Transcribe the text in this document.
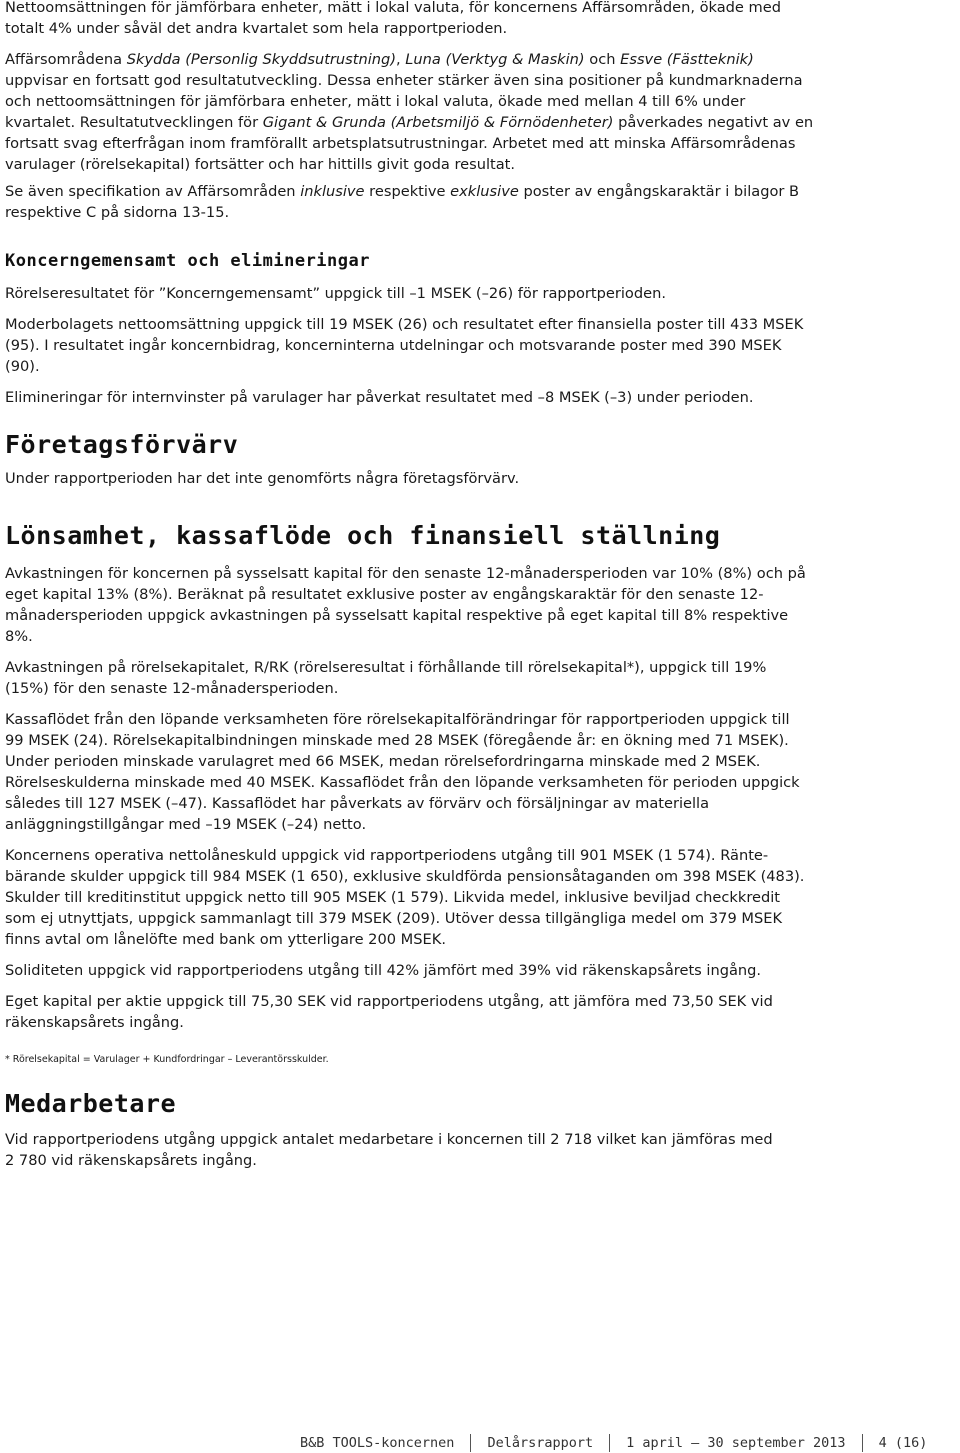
Nettoomsättningen för jämförbara enheter, mätt i lokal valuta, för koncernens Affärsområden, ökade med
totalt 4% under såväl det andra kvartalet som hela rapportperioden.

Affärsområdena Skydda (Personlig Skyddsutrustning), Luna (Verktyg & Maskin) och Essve (Fästteknik)
uppvisar en fortsatt god resultatutveckling. Dessa enheter stärker även sina positioner på kundmarknaderna
och nettoomsättningen för jämförbara enheter, mätt i lokal valuta, ökade med mellan 4 till 6% under
kvartalet. Resultatutvecklingen för Gigant & Grunda (Arbetsmiljö & Förnödenheter) påverkades negativt av en
fortsatt svag efterfrågan inom framförallt arbetsplatsutrustningar. Arbetet med att minska Affärsområdenas
varulager (rörelsekapital) fortsätter och har hittills givit goda resultat.

Se även specifikation av Affärsområden inklusive respektive exklusive poster av engångskaraktär i bilagor B
respektive C på sidorna 13-15.

Koncerngemensamt och elimineringar

Rörelseresultatet för ”Koncerngemensamt” uppgick till –1 MSEK (–26) för rapportperioden.

Moderbolagets nettoomsättning uppgick till 19 MSEK (26) och resultatet efter finansiella poster till 433 MSEK
(95). I resultatet ingår koncernbidrag, koncerninterna utdelningar och motsvarande poster med 390 MSEK
(90).

Elimineringar för internvinster på varulager har påverkat resultatet med –8 MSEK (–3) under perioden.

Företagsförvärv

Under rapportperioden har det inte genomförts några företagsförvärv.

Lönsamhet, kassaflöde och finansiell ställning

Avkastningen för koncernen på sysselsatt kapital för den senaste 12-månadersperioden var 10% (8%) och på
eget kapital 13% (8%). Beräknat på resultatet exklusive poster av engångskaraktär för den senaste 12-
månadersperioden uppgick avkastningen på sysselsatt kapital respektive på eget kapital till 8% respektive
8%.

Avkastningen på rörelsekapitalet, R/RK (rörelseresultat i förhållande till rörelsekapital*), uppgick till 19%
(15%) för den senaste 12-månadersperioden.

Kassaflödet från den löpande verksamheten före rörelsekapitalförändringar för rapportperioden uppgick till
99 MSEK (24). Rörelsekapitalbindningen minskade med 28 MSEK (föregående år: en ökning med 71 MSEK).
Under perioden minskade varulagret med 66 MSEK, medan rörelsefordringarna minskade med 2 MSEK.
Rörelseskulderna minskade med 40 MSEK. Kassaflödet från den löpande verksamheten för perioden uppgick
således till 127 MSEK (–47). Kassaflödet har påverkats av förvärv och försäljningar av materiella
anläggningstillgångar med –19 MSEK (–24) netto.

Koncernens operativa nettolåneskuld uppgick vid rapportperiodens utgång till 901 MSEK (1 574). Ränte-
bärande skulder uppgick till 984 MSEK (1 650), exklusive skuldförda pensionsåtaganden om 398 MSEK (483).
Skulder till kreditinstitut uppgick netto till 905 MSEK (1 579). Likvida medel, inklusive beviljad checkkredit
som ej utnyttjats, uppgick sammanlagt till 379 MSEK (209). Utöver dessa tillgängliga medel om 379 MSEK
finns avtal om lånelöfte med bank om ytterligare 200 MSEK.

Soliditeten uppgick vid rapportperiodens utgång till 42% jämfört med 39% vid räkenskapsårets ingång.

Eget kapital per aktie uppgick till 75,30 SEK vid rapportperiodens utgång, att jämföra med 73,50 SEK vid
räkenskapsårets ingång.

* Rörelsekapital = Varulager + Kundfordringar – Leverantörsskulder.

Medarbetare

Vid rapportperiodens utgång uppgick antalet medarbetare i koncernen till 2 718 vilket kan jämföras med
2 780 vid räkenskapsårets ingång.

B&B TOOLS-koncernen Delårsrapport 1 april – 30 september 2013 4 (16)
